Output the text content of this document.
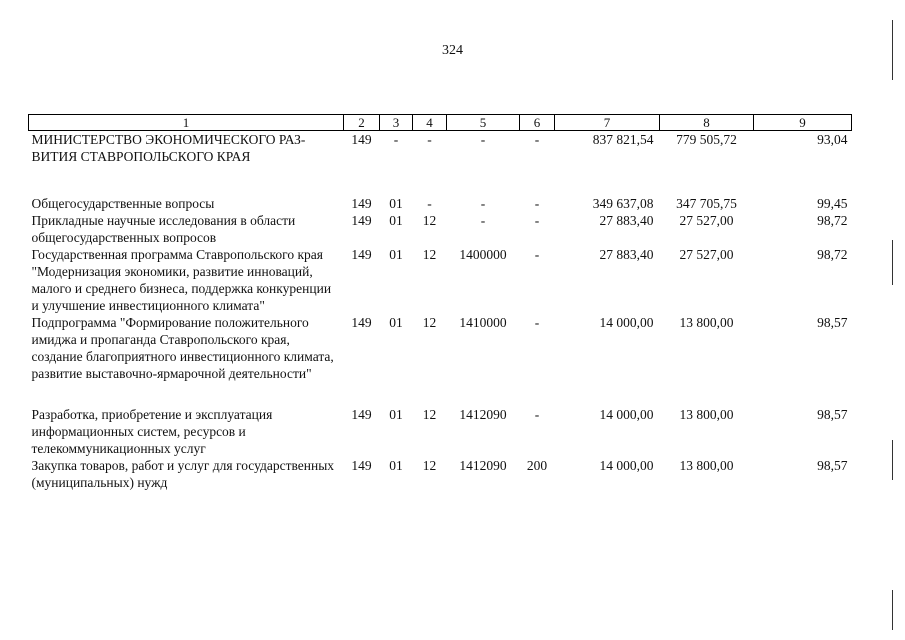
324
1	2	3	4	5	6	7	8	9
МИНИСТЕРСТВО ЭКОНОМИЧЕСКОГО РАЗ-ВИТИЯ СТАВРОПОЛЬСКОГО КРАЯ	149	-	-	-	-	837 821,54	779 505,72	93,04
Общегосударственные вопросы	149	01	-	-	-	349 637,08	347 705,75	99,45
Прикладные научные исследования в области общегосударственных вопросов	149	01	12	-	-	27 883,40	27 527,00	98,72
Государственная программа Ставропольского края "Модернизация экономики, развитие инноваций, малого и среднего бизнеса, поддержка конкуренции и улучшение инвестиционного климата"	149	01	12	1400000	-	27 883,40	27 527,00	98,72
Подпрограмма "Формирование положительного имиджа и пропаганда Ставропольского края, создание благоприятного инвестиционного климата, развитие выставочно-ярмарочной деятельности"	149	01	12	1410000	-	14 000,00	13 800,00	98,57
Разработка, приобретение и эксплуатация информационных систем, ресурсов и телекоммуникационных услуг	149	01	12	1412090	-	14 000,00	13 800,00	98,57
Закупка товаров, работ и услуг для государственных (муниципальных) нужд	149	01	12	1412090	200	14 000,00	13 800,00	98,57
